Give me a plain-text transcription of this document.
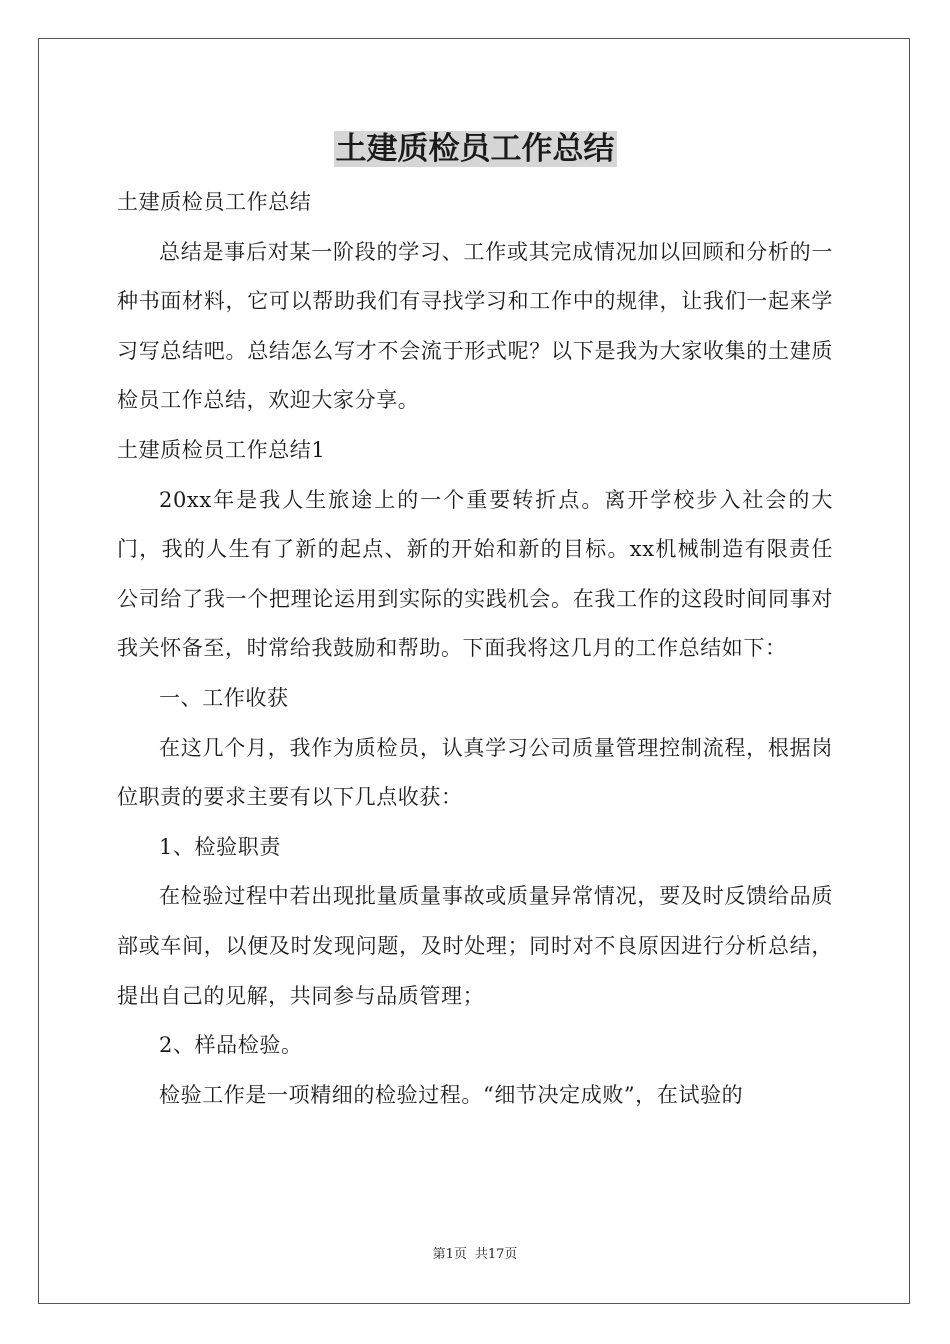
土建质检员工作总结

土建质检员工作总结

总结是事后对某一阶段的学习、工作或其完成情况加以回顾和分析的一种书面材料，它可以帮助我们有寻找学习和工作中的规律，让我们一起来学习写总结吧。总结怎么写才不会流于形式呢？以下是我为大家收集的土建质检员工作总结，欢迎大家分享。

土建质检员工作总结1

20xx年是我人生旅途上的一个重要转折点。离开学校步入社会的大门，我的人生有了新的起点、新的开始和新的目标。xx机械制造有限责任公司给了我一个把理论运用到实际的实践机会。在我工作的这段时间同事对我关怀备至，时常给我鼓励和帮助。下面我将这几月的工作总结如下：

一、工作收获

在这几个月，我作为质检员，认真学习公司质量管理控制流程，根据岗位职责的要求主要有以下几点收获：

1、检验职责

在检验过程中若出现批量质量事故或质量异常情况，要及时反馈给品质部或车间，以便及时发现问题，及时处理；同时对不良原因进行分析总结，提出自己的见解，共同参与品质管理；

2、样品检验。

检验工作是一项精细的检验过程。“细节决定成败”，在试验的

第1页 共17页
